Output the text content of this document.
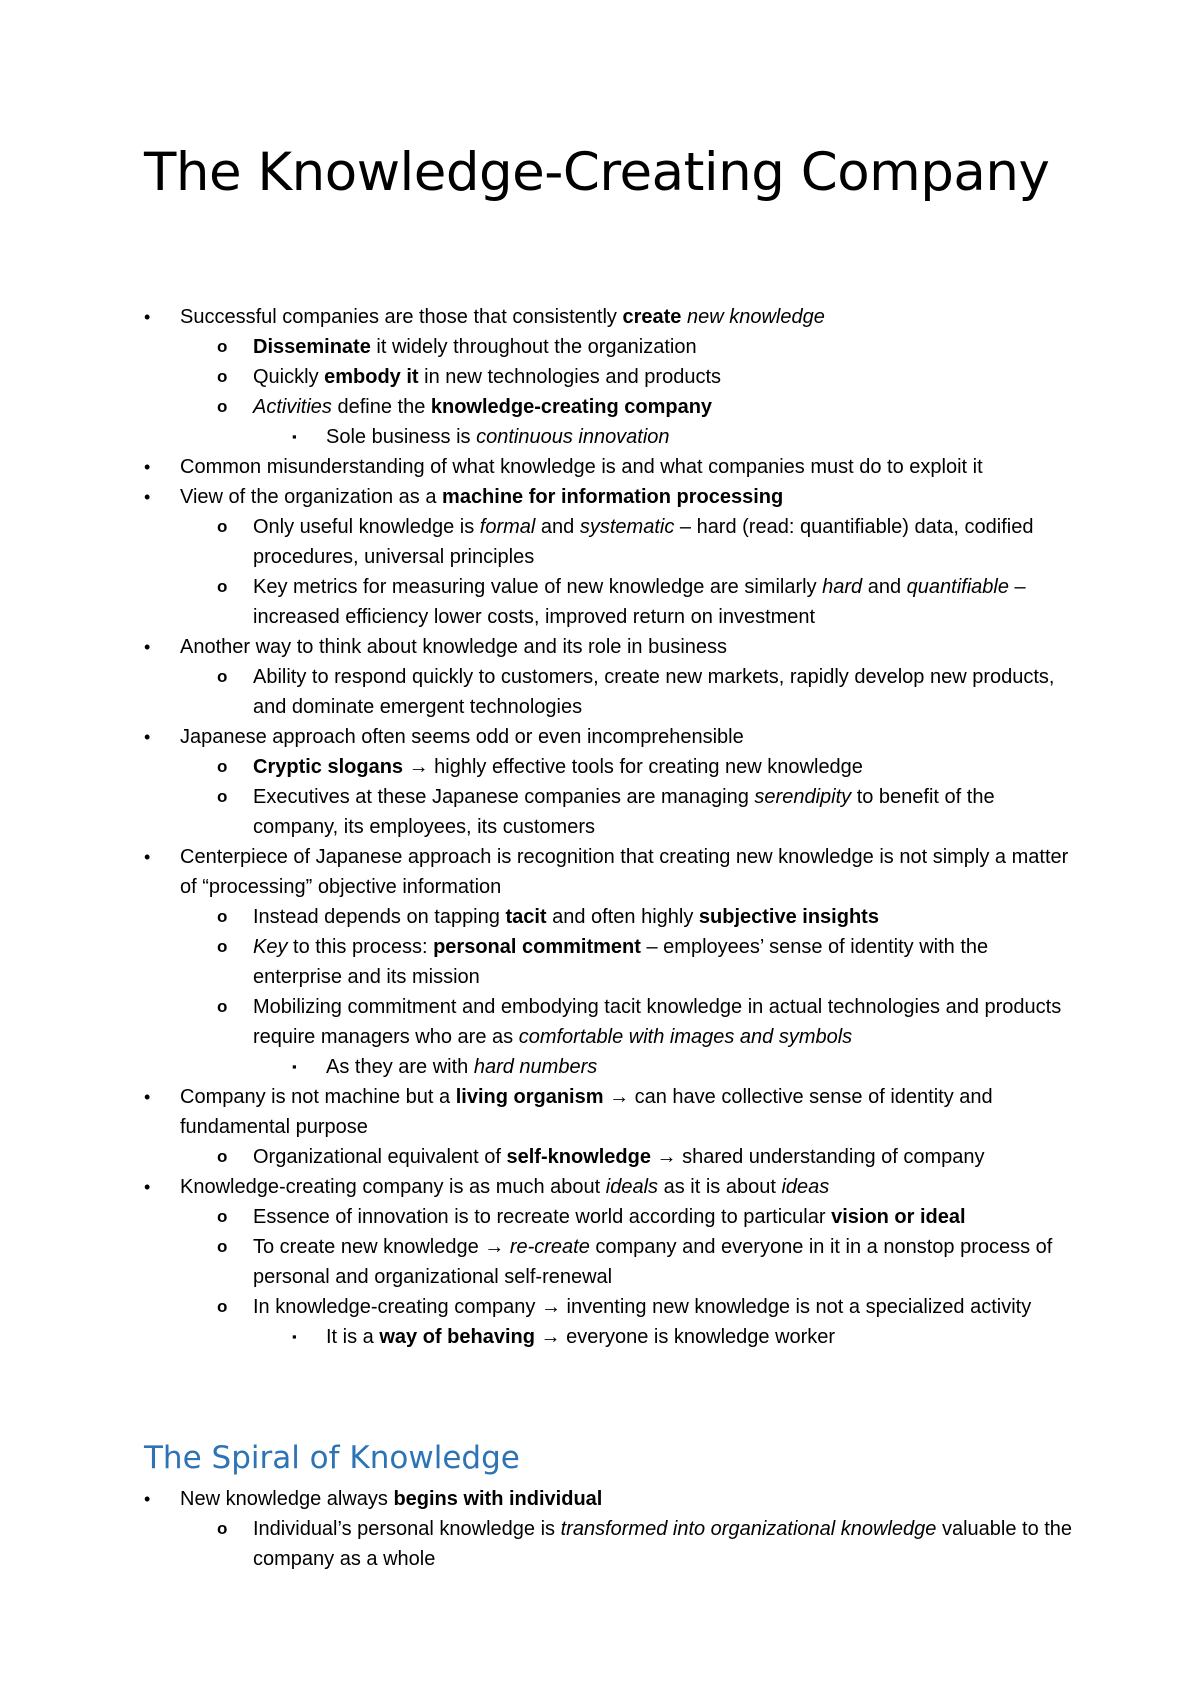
The Knowledge-Creating Company
• Successful companies are those that consistently create new knowledge
o Disseminate it widely throughout the organization
o Quickly embody it in new technologies and products
o Activities define the knowledge-creating company
▪ Sole business is continuous innovation
• Common misunderstanding of what knowledge is and what companies must do to exploit it
• View of the organization as a machine for information processing
o Only useful knowledge is formal and systematic – hard (read: quantifiable) data, codified procedures, universal principles
o Key metrics for measuring value of new knowledge are similarly hard and quantifiable – increased efficiency lower costs, improved return on investment
• Another way to think about knowledge and its role in business
o Ability to respond quickly to customers, create new markets, rapidly develop new products, and dominate emergent technologies
• Japanese approach often seems odd or even incomprehensible
o Cryptic slogans → highly effective tools for creating new knowledge
o Executives at these Japanese companies are managing serendipity to benefit of the company, its employees, its customers
• Centerpiece of Japanese approach is recognition that creating new knowledge is not simply a matter of “processing” objective information
o Instead depends on tapping tacit and often highly subjective insights
o Key to this process: personal commitment – employees’ sense of identity with the enterprise and its mission
o Mobilizing commitment and embodying tacit knowledge in actual technologies and products require managers who are as comfortable with images and symbols
▪ As they are with hard numbers
• Company is not machine but a living organism → can have collective sense of identity and fundamental purpose
o Organizational equivalent of self-knowledge → shared understanding of company
• Knowledge-creating company is as much about ideals as it is about ideas
o Essence of innovation is to recreate world according to particular vision or ideal
o To create new knowledge → re-create company and everyone in it in a nonstop process of personal and organizational self-renewal
o In knowledge-creating company → inventing new knowledge is not a specialized activity
▪ It is a way of behaving → everyone is knowledge worker
The Spiral of Knowledge
• New knowledge always begins with individual
o Individual’s personal knowledge is transformed into organizational knowledge valuable to the company as a whole
